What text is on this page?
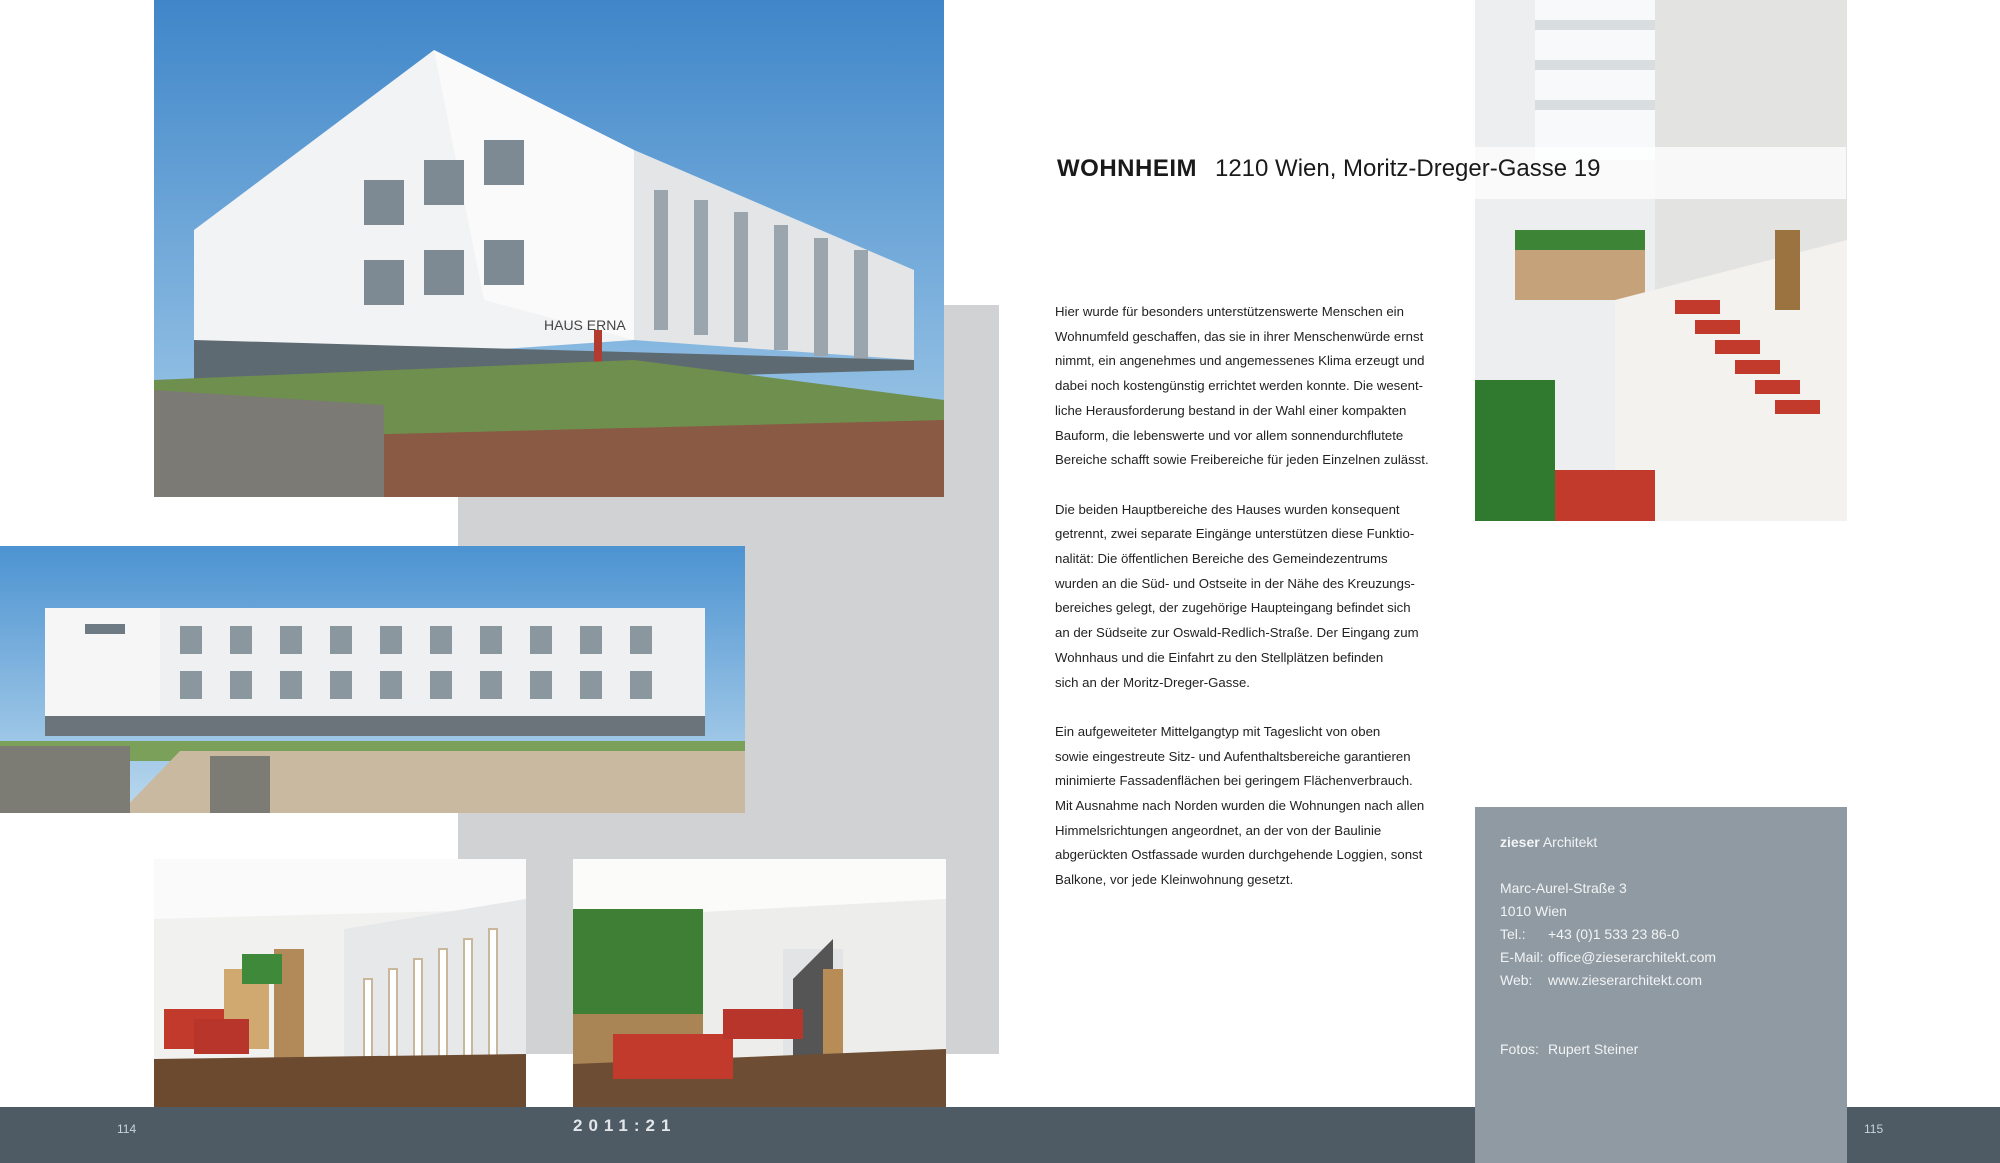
HAUS ERNA
WOHNHEIM 1210 Wien, Moritz-Dreger-Gasse 19

Hier wurde für besonders unterstützenswerte Menschen ein
Wohnumfeld geschaffen, das sie in ihrer Menschenwürde ernst
nimmt, ein angenehmes und angemessenes Klima erzeugt und
dabei noch kostengünstig errichtet werden konnte. Die wesent-
liche Herausforderung bestand in der Wahl einer kompakten
Bauform, die lebenswerte und vor allem sonnendurchflutete
Bereiche schafft sowie Freibereiche für jeden Einzelnen zulässt.

Die beiden Hauptbereiche des Hauses wurden konsequent
getrennt, zwei separate Eingänge unterstützen diese Funktio-
nalität: Die öffentlichen Bereiche des Gemeindezentrums
wurden an die Süd- und Ostseite in der Nähe des Kreuzungs-
bereiches gelegt, der zugehörige Haupteingang befindet sich
an der Südseite zur Oswald-Redlich-Straße. Der Eingang zum
Wohnhaus und die Einfahrt zu den Stellplätzen befinden
sich an der Moritz-Dreger-Gasse.

Ein aufgeweiteter Mittelgangtyp mit Tageslicht von oben
sowie eingestreute Sitz- und Aufenthaltsbereiche garantieren
minimierte Fassadenflächen bei geringem Flächenverbrauch.
Mit Ausnahme nach Norden wurden die Wohnungen nach allen
Himmelsrichtungen angeordnet, an der von der Baulinie
abgerückten Ostfassade wurden durchgehende Loggien, sonst
Balkone, vor jede Kleinwohnung gesetzt.

114	2011:21	115
zieser Architekt
Marc-Aurel-Straße 3
1010 Wien
Tel.: +43 (0)1 533 23 86-0
E-Mail: office@zieserarchitekt.com
Web: www.zieserarchitekt.com
Fotos: Rupert Steiner
